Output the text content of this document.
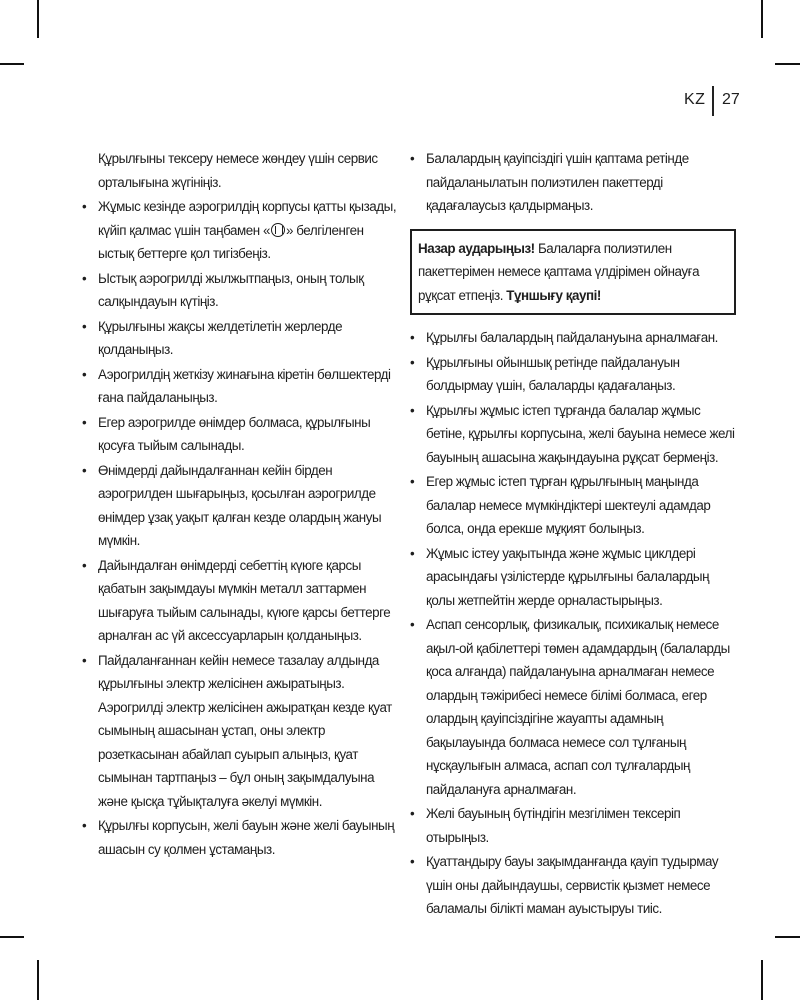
KZ 27

Құрылғыны тексеру немесе жөндеу үшін сервис орталығына жүгініңіз.

• Жұмыс кезінде аэрогрилдің корпусы қатты қызады, күйіп қалмас үшін таңбамен « » белгіленген ыстық беттерге қол тигізбеңіз.
• Ыстық аэрогрилді жылжытпаңыз, оның толық салқындауын күтіңіз.
• Құрылғыны жақсы желдетілетін жерлерде қолданыңыз.
• Аэрогрилдің жеткізу жинағына кіретін бөлшектерді ғана пайдаланыңыз.
• Егер аэрогрилде өнімдер болмаса, құрылғыны қосуға тыйым салынады.
• Өнімдерді дайындалғаннан кейін бірден аэрогрилден шығарыңыз, қосылған аэрогрилде өнімдер ұзақ уақыт қалған кезде олардың жануы мүмкін.
• Дайындалған өнімдерді себеттің күюге қарсы қабатын зақымдауы мүмкін металл заттармен шығаруға тыйым салынады, күюге қарсы беттерге арналған ас үй аксессуарларын қолданыңыз.
• Пайдаланғаннан кейін немесе тазалау алдында құрылғыны электр желісінен ажыратыңыз. Аэрогрилді электр желісінен ажыратқан кезде қуат сымының ашасынан ұстап, оны электр розеткасынан абайлап суырып алыңыз, қуат сымынан тартпаңыз – бұл оның зақымдалуына және қысқа тұйықталуға әкелуі мүмкін.
• Құрылғы корпусын, желі бауын және желі бауының ашасын су қолмен ұстамаңыз.
• Балалардың қауіпсіздігі үшін қаптама ретінде пайдаланылатын полиэтилен пакеттерді қадағалаусыз қалдырмаңыз.
Назар аударыңыз! Балаларға полиэтилен пакеттерімен немесе қаптама үлдірімен ойнауға рұқсат етпеңіз. Тұншығу қаупі!
• Құрылғы балалардың пайдалануына арналмаған.
• Құрылғыны ойыншық ретінде пайдалануын болдырмау үшін, балаларды қадағалаңыз.
• Құрылғы жұмыс істеп тұрғанда балалар жұмыс бетіне, құрылғы корпусына, желі бауына немесе желі бауының ашасына жақындауына рұқсат бермеңіз.
• Егер жұмыс істеп тұрған құрылғының маңында балалар немесе мүмкіндіктері шектеулі адамдар болса, онда ерекше мұқият болыңыз.
• Жұмыс істеу уақытында және жұмыс циклдері арасындағы үзілістерде құрылғыны балалардың қолы жетпейтін жерде орналастырыңыз.
• Аспап сенсорлық, физикалық, психикалық немесе ақыл-ой қабілеттері төмен адамдардың (балаларды қоса алғанда) пайдалануына арналмаған немесе олардың тәжірибесі немесе білімі болмаса, егер олардың қауіпсіздігіне жауапты адамның бақылауында болмаса немесе сол тұлғаның нұсқаулығын алмаса, аспап сол тұлғалардың пайдалануға арналмаған.
• Желі бауының бүтіндігін мезгілімен тексеріп отырыңыз.
• Қуаттандыру бауы зақымданғанда қауіп тудырмау үшін оны дайындаушы, сервистік қызмет немесе баламалы білікті маман ауыстыруы тиіс.
